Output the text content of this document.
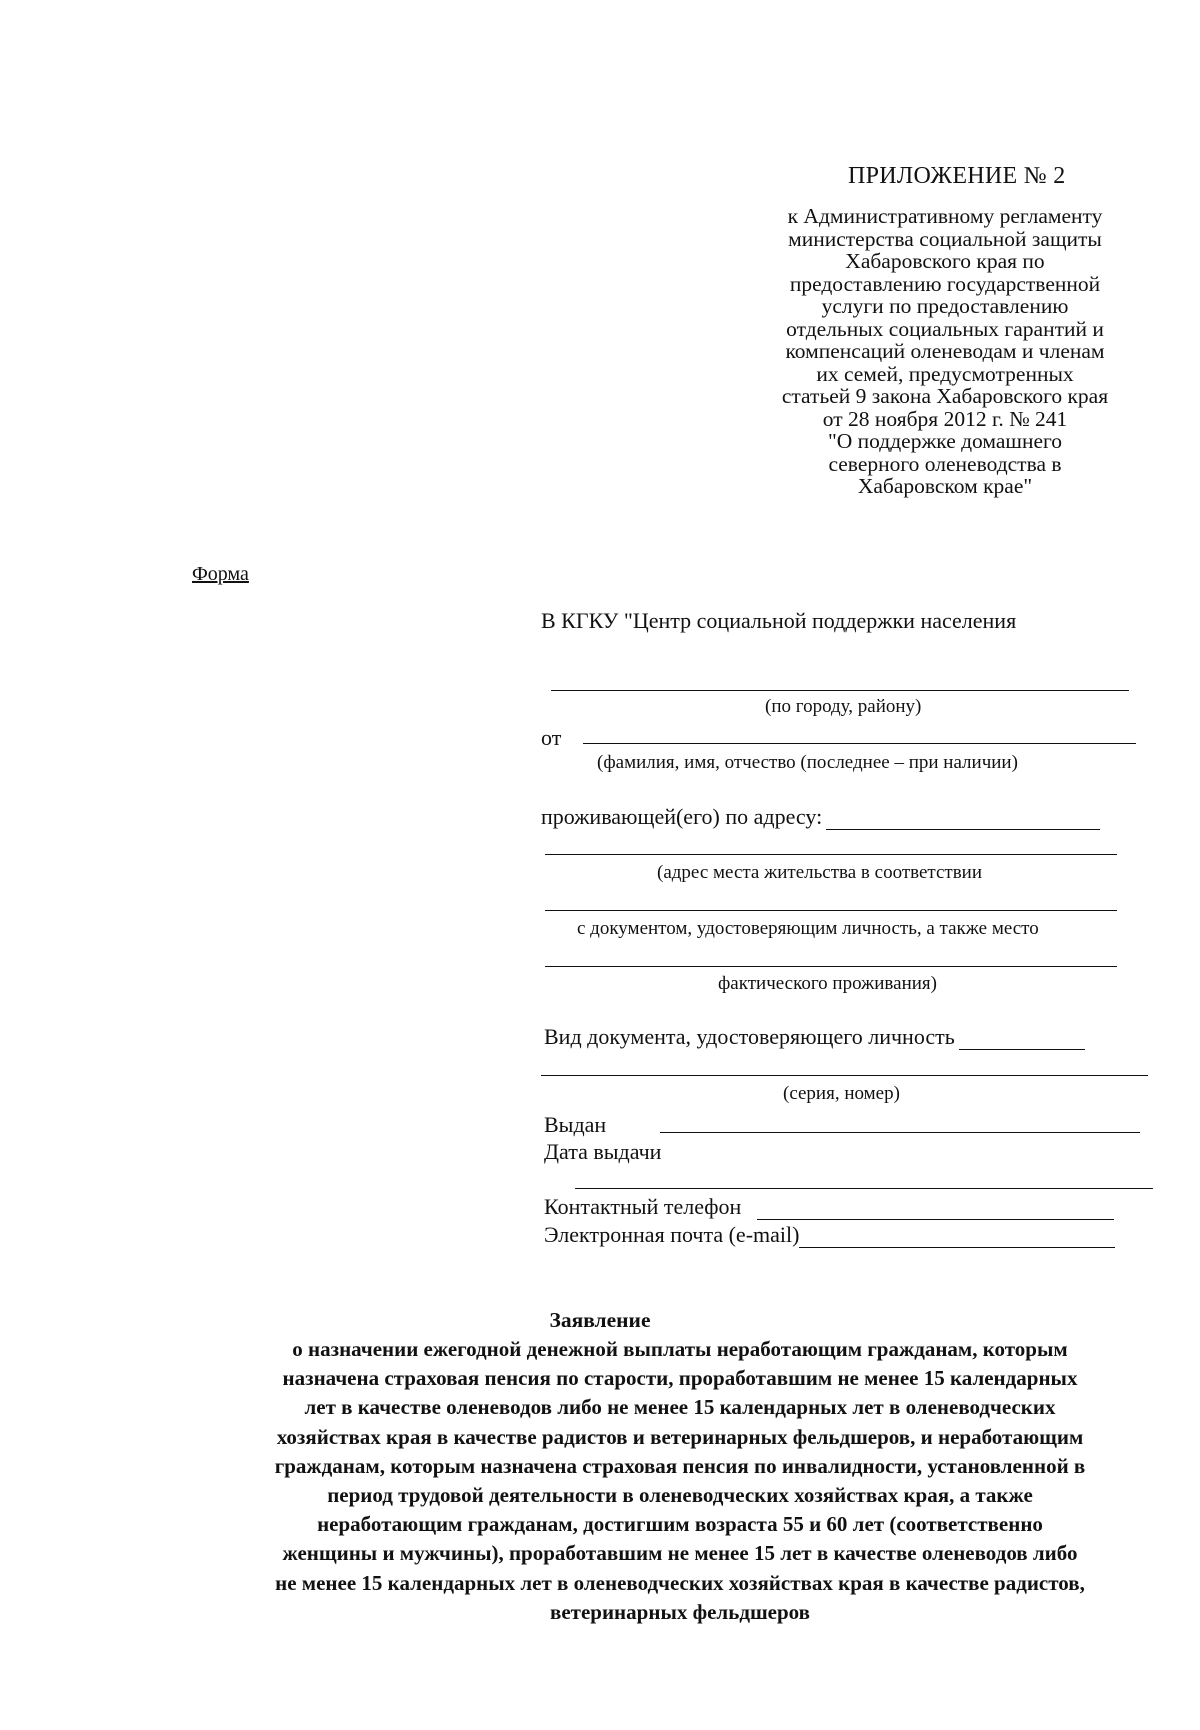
ПРИЛОЖЕНИЕ № 2
к Административному регламенту
министерства социальной защиты
Хабаровского края по
предоставлению государственной
услуги по предоставлению
отдельных социальных гарантий и
компенсаций оленеводам и членам
их семей, предусмотренных
статьей 9 закона Хабаровского края
от 28 ноября 2012 г. № 241
"О поддержке домашнего
северного оленеводства в
Хабаровском крае"
Форма
В КГКУ "Центр социальной поддержки населения
(по городу, району)
от
(фамилия, имя, отчество (последнее – при наличии)
проживающей(его) по адресу:
(адрес места жительства в соответствии
с документом, удостоверяющим личность, а также место
фактического проживания)
Вид документа, удостоверяющего личность
(серия, номер)
Выдан
Дата выдачи
Контактный телефон
Электронная почта (e-mail)
Заявление
о назначении ежегодной денежной выплаты неработающим гражданам, которым
назначена страховая пенсия по старости, проработавшим не менее 15 календарных
лет в качестве оленеводов либо не менее 15 календарных лет в оленеводческих
хозяйствах края в качестве радистов и ветеринарных фельдшеров, и неработающим
гражданам, которым назначена страховая пенсия по инвалидности, установленной в
период трудовой деятельности в оленеводческих хозяйствах края, а также
неработающим гражданам, достигшим возраста 55 и 60 лет (соответственно
женщины и мужчины), проработавшим не менее 15 лет в качестве оленеводов либо
не менее 15 календарных лет в оленеводческих хозяйствах края в качестве радистов,
ветеринарных фельдшеров
